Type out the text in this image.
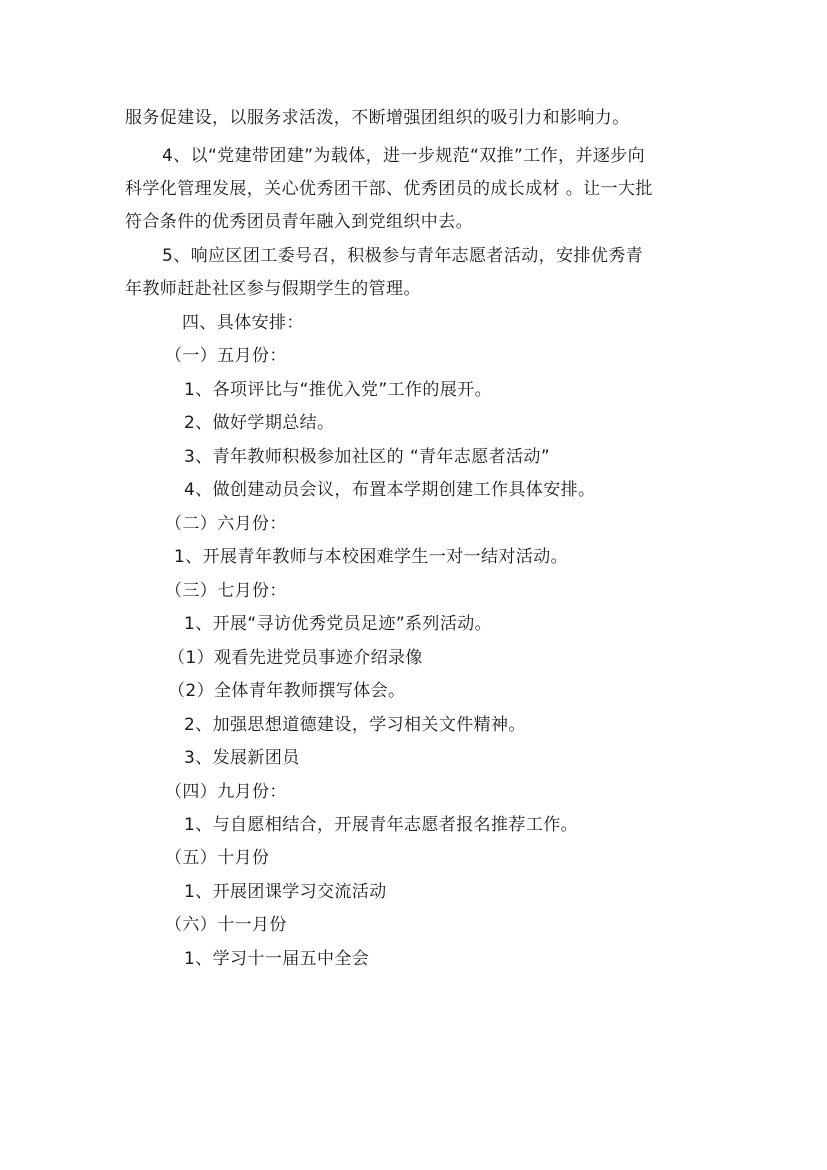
服务促建设，以服务求活泼，不断增强团组织的吸引力和影响力。
4、以“党建带团建”为载体，进一步规范“双推”工作，并逐步向
科学化管理发展，关心优秀团干部、优秀团员的成长成材 。让一大批
符合条件的优秀团员青年融入到党组织中去。
5、响应区团工委号召，积极参与青年志愿者活动，安排优秀青
年教师赶赴社区参与假期学生的管理。
四、具体安排：
（一）五月份：
1、各项评比与“推优入党”工作的展开。
2、做好学期总结。
3、青年教师积极参加社区的 “青年志愿者活动”
4、做创建动员会议，布置本学期创建工作具体安排。
（二）六月份：
1、开展青年教师与本校困难学生一对一结对活动。
（三）七月份：
1、开展“寻访优秀党员足迹”系列活动。
（1）观看先进党员事迹介绍录像
（2）全体青年教师撰写体会。
2、加强思想道德建设，学习相关文件精神。
3、发展新团员
（四）九月份：
1、与自愿相结合，开展青年志愿者报名推荐工作。
（五）十月份
1、开展团课学习交流活动
（六）十一月份
1、学习十一届五中全会
